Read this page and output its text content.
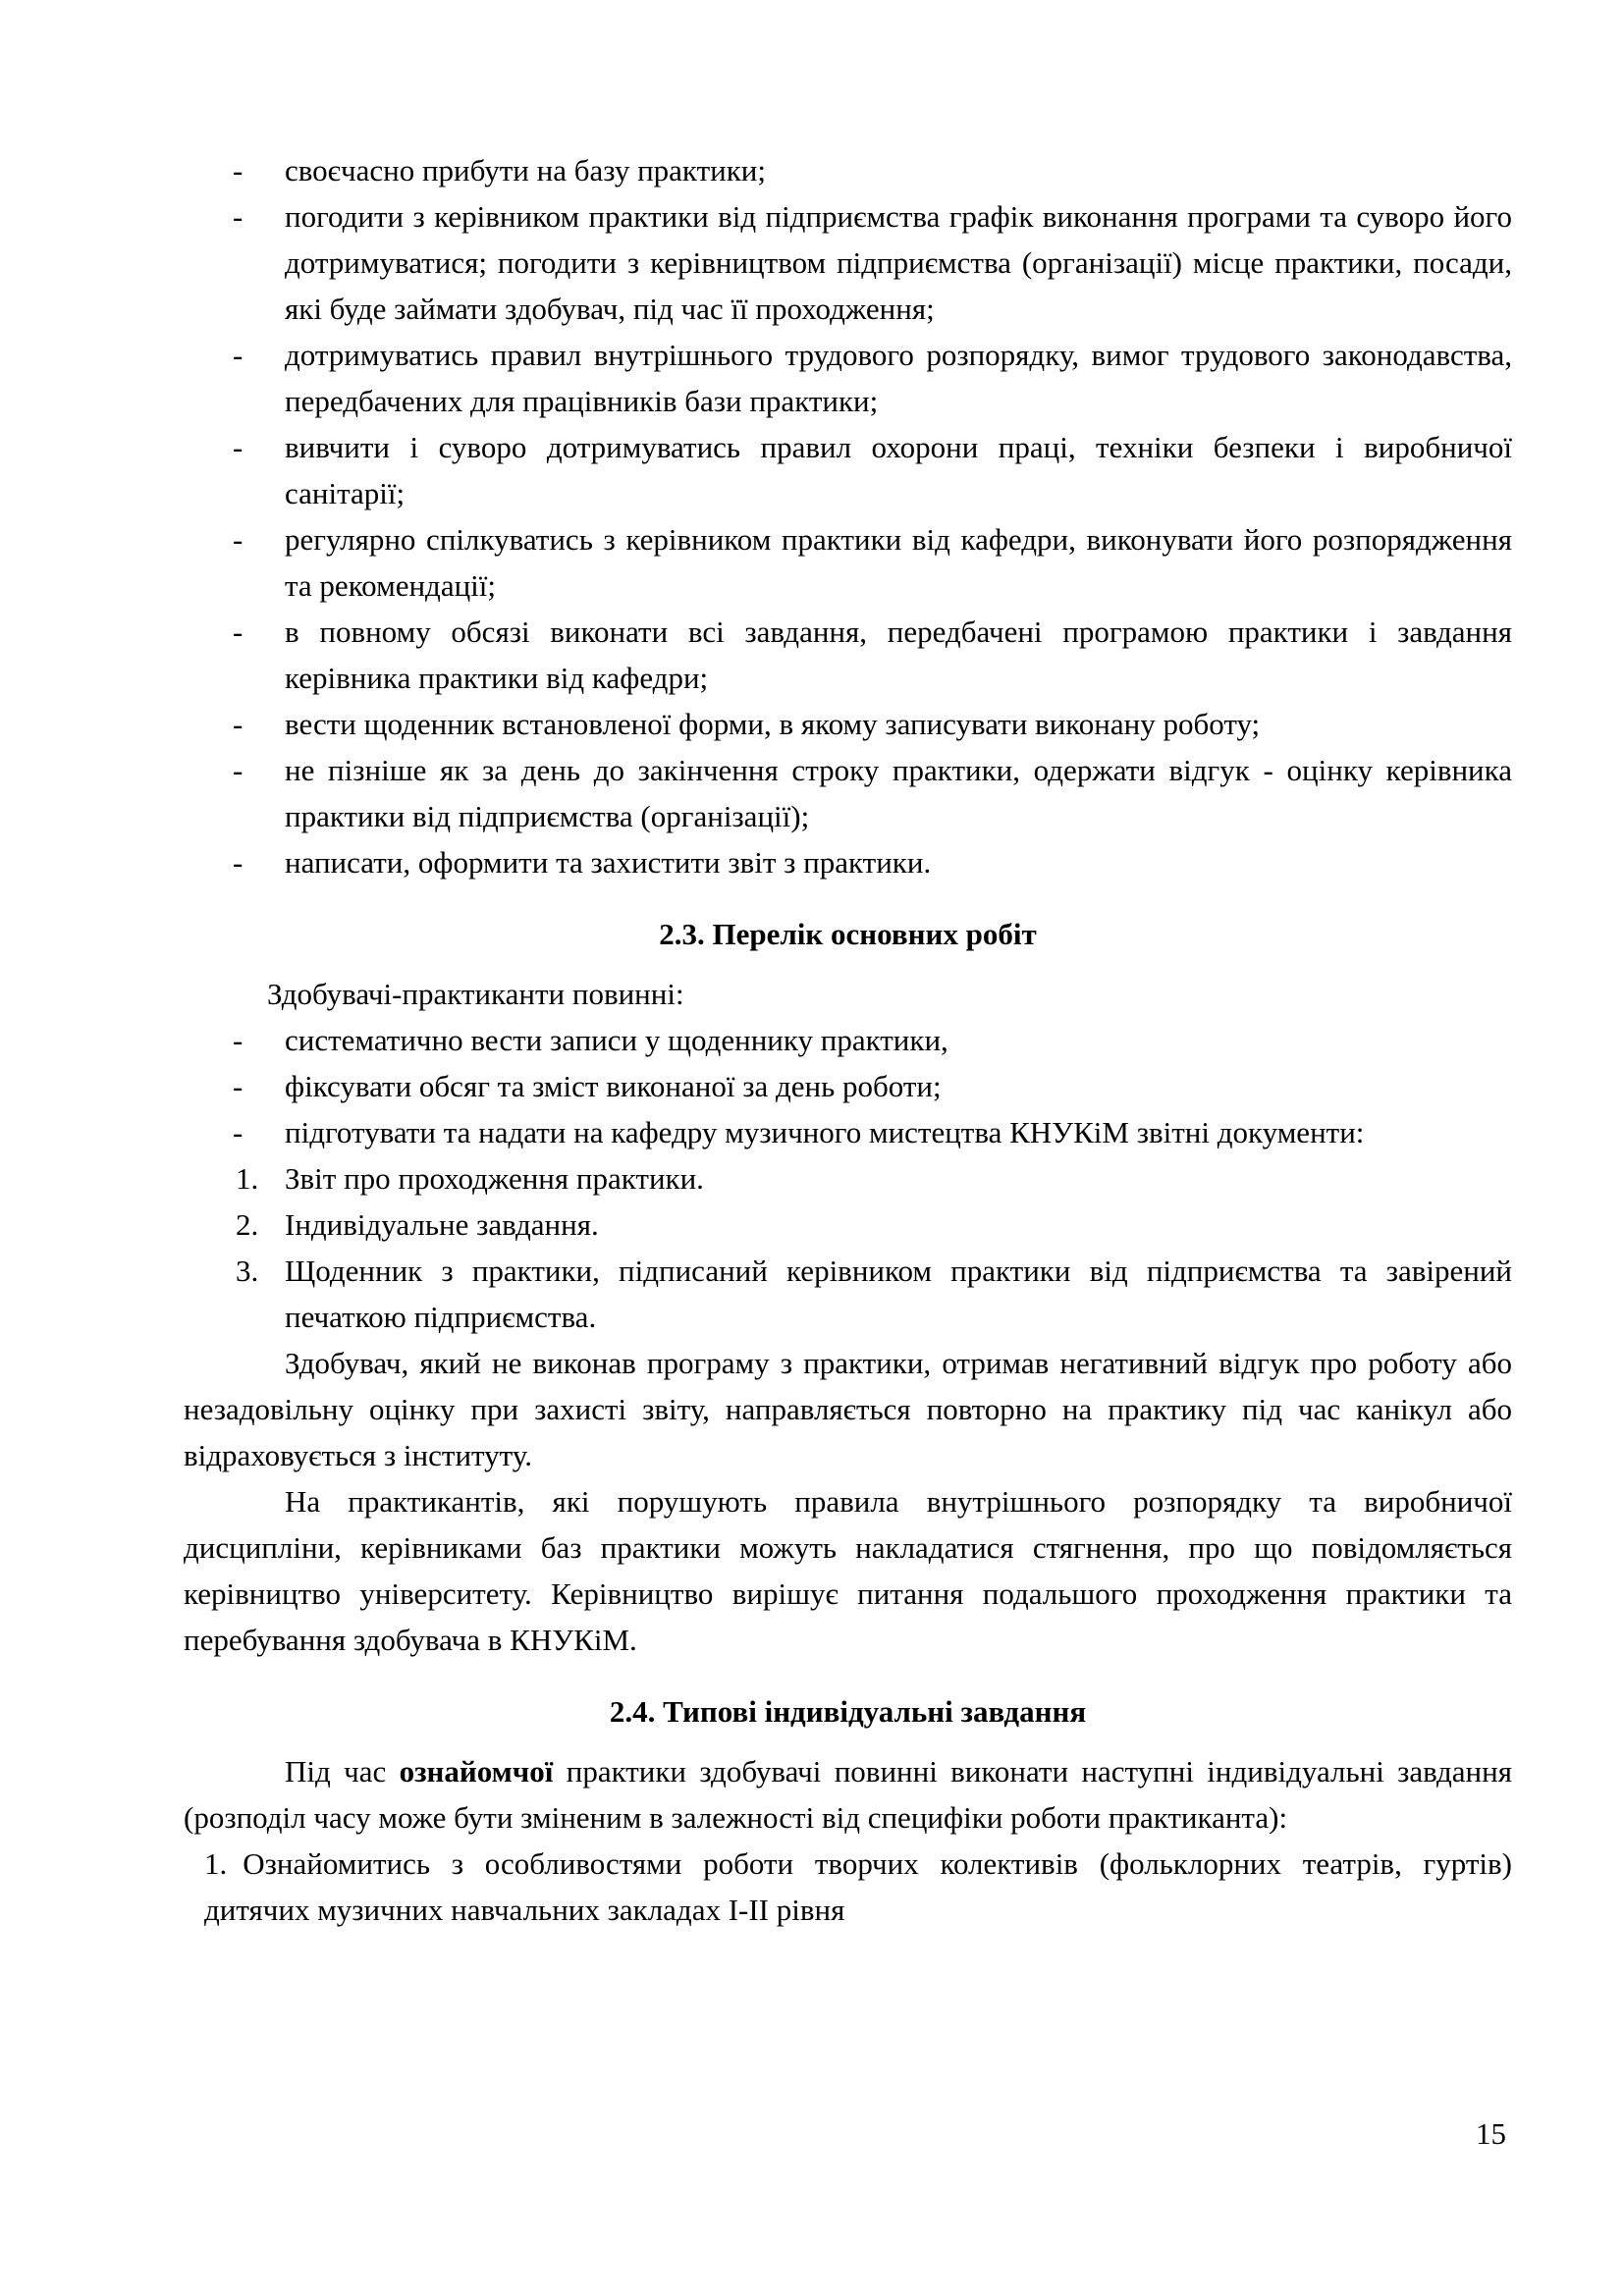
-	своєчасно прибути на базу практики;
-	погодити з керівником практики від підприємства графік виконання програми та суворо його дотримуватися; погодити з керівництвом підприємства (організації) місце практики, посади, які буде займати здобувач, під час її проходження;
-	дотримуватись правил внутрішнього трудового розпорядку, вимог трудового законодавства, передбачених для працівників бази практики;
-	вивчити і суворо дотримуватись правил охорони праці, техніки безпеки і виробничої санітарії;
-	регулярно спілкуватись з керівником практики від кафедри, виконувати його розпорядження та рекомендації;
-	в повному обсязі виконати всі завдання, передбачені програмою практики і завдання керівника практики від кафедри;
-	вести щоденник встановленої форми, в якому записувати виконану роботу;
-	не пізніше як за день до закінчення строку практики, одержати відгук - оцінку керівника практики від підприємства (організації);
-	написати, оформити та захистити звіт з практики.
2.3. Перелік основних робіт
Здобувачі-практиканти повинні:
-	систематично вести записи у щоденнику практики,
-	фіксувати обсяг та зміст виконаної за день роботи;
-	підготувати та надати на кафедру музичного мистецтва КНУКіМ звітні документи:
1. Звіт про проходження практики.
2. Індивідуальне завдання.
3. Щоденник з практики, підписаний керівником практики від підприємства та завірений печаткою підприємства.
Здобувач, який не виконав програму з практики, отримав негативний відгук про роботу або незадовільну оцінку при захисті звіту, направляється повторно на практику під час канікул або відраховується з інституту.
На практикантів, які порушують правила внутрішнього розпорядку та виробничої дисципліни, керівниками баз практики можуть накладатися стягнення, про що повідомляється керівництво університету. Керівництво вирішує питання подальшого проходження практики та перебування здобувача в КНУКіМ.
2.4. Типові індивідуальні завдання
Під час ознайомчої практики здобувачі повинні виконати наступні індивідуальні завдання (розподіл часу може бути зміненим в залежності від специфіки роботи практиканта):
1. Ознайомитись з особливостями роботи творчих колективів (фольклорних театрів, гуртів) дитячих музичних навчальних закладах І-ІІ рівня
15
